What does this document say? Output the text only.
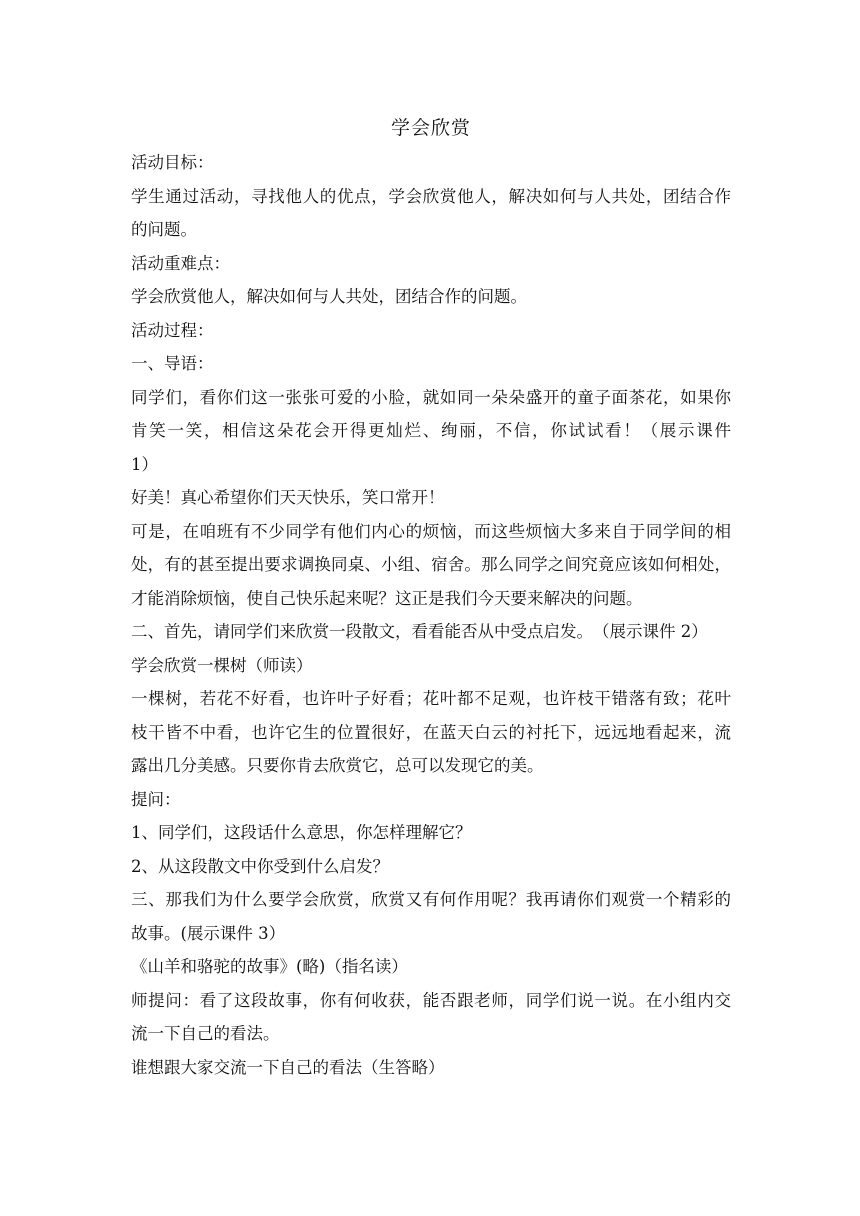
学会欣赏
活动目标：
学生通过活动，寻找他人的优点，学会欣赏他人，解决如何与人共处，团结合作
的问题。
活动重难点：
学会欣赏他人，解决如何与人共处，团结合作的问题。
活动过程：
一、导语：
同学们，看你们这一张张可爱的小脸，就如同一朵朵盛开的童子面茶花，如果你
肯笑一笑，相信这朵花会开得更灿烂、绚丽，不信，你试试看！（展示课件
1）
好美！真心希望你们天天快乐，笑口常开！
可是，在咱班有不少同学有他们内心的烦恼，而这些烦恼大多来自于同学间的相
处，有的甚至提出要求调换同桌、小组、宿舍。那么同学之间究竟应该如何相处，
才能消除烦恼，使自己快乐起来呢？这正是我们今天要来解决的问题。
二、首先，请同学们来欣赏一段散文，看看能否从中受点启发。　（展示课件 2）
学会欣赏一棵树（师读）
一棵树，若花不好看，也许叶子好看；花叶都不足观，也许枝干错落有致；花叶
枝干皆不中看，也许它生的位置很好，在蓝天白云的衬托下，远远地看起来，流
露出几分美感。只要你肯去欣赏它，总可以发现它的美。
提问：
1、同学们，这段话什么意思，你怎样理解它？
2、从这段散文中你受到什么启发？
三、那我们为什么要学会欣赏，欣赏又有何作用呢？我再请你们观赏一个精彩的
故事。(展示课件 3）
《山羊和骆驼的故事》(略)（指名读）
师提问：看了这段故事，你有何收获，能否跟老师，同学们说一说。在小组内交
流一下自己的看法。
谁想跟大家交流一下自己的看法（生答略）
